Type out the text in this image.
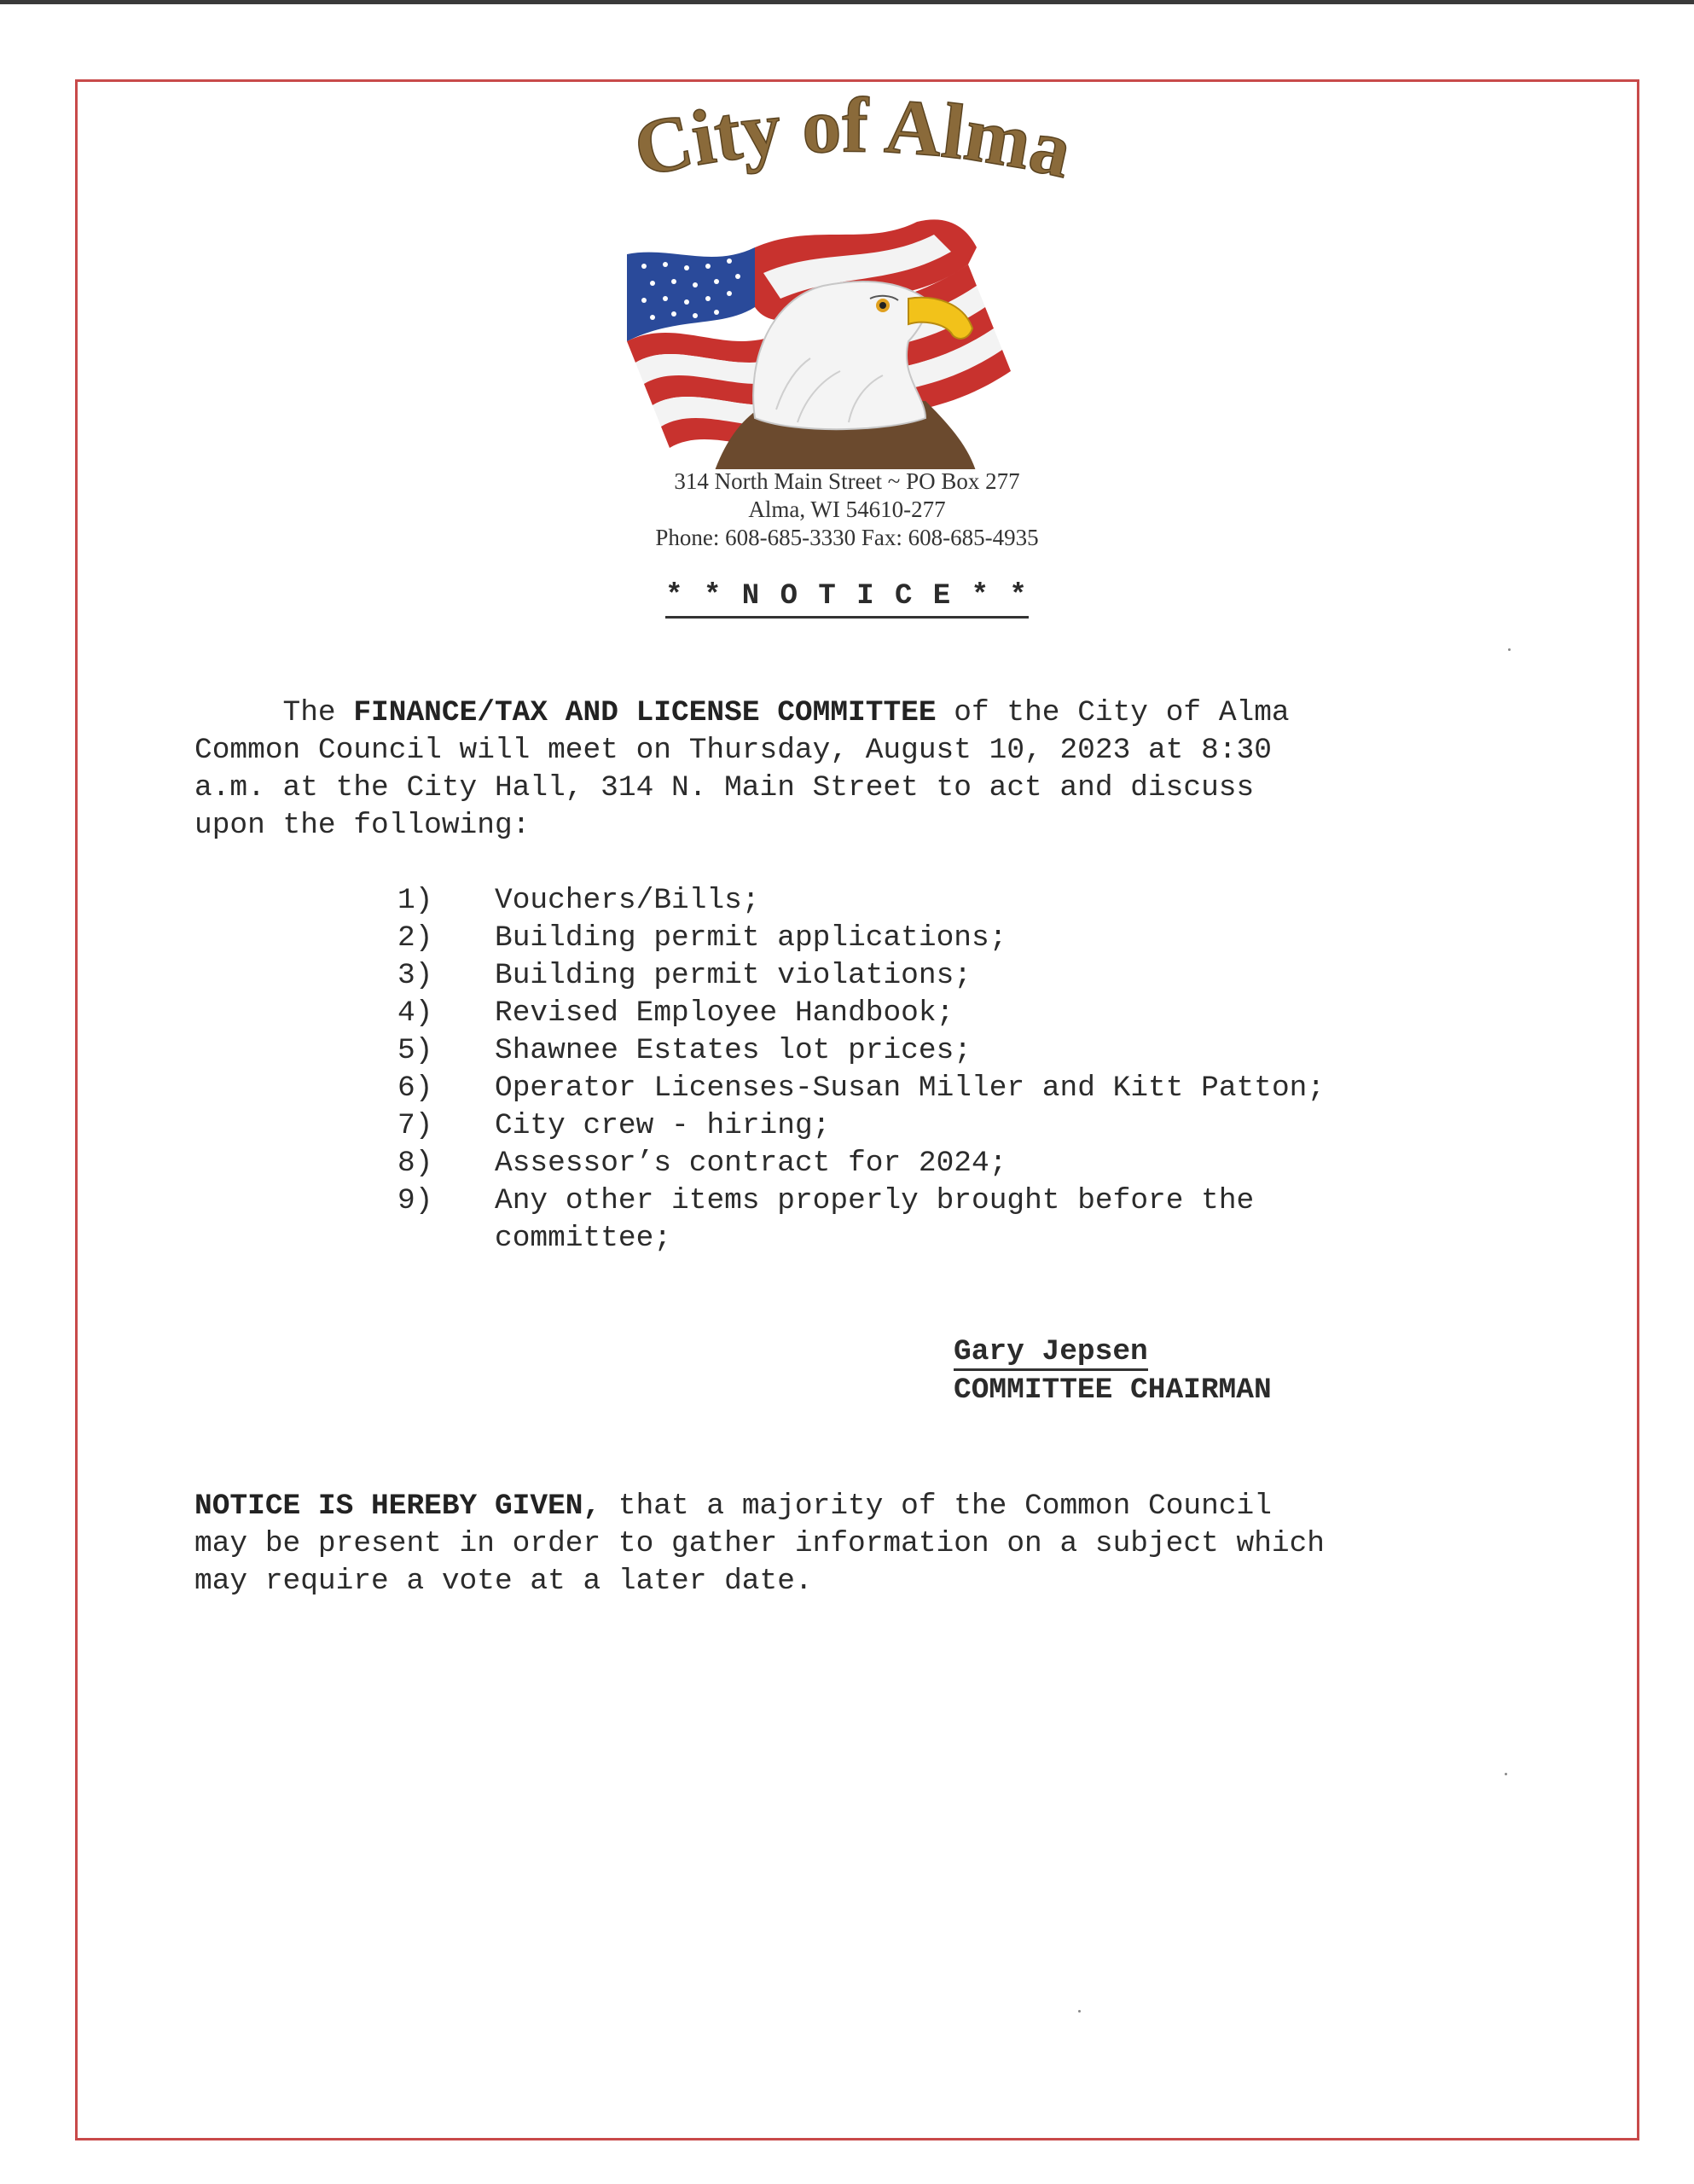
City of Alma
314 North Main Street ~ PO Box 277
Alma, WI 54610-277
Phone: 608-685-3330 Fax: 608-685-4935
* * N O T I C E * *
The FINANCE/TAX AND LICENSE COMMITTEE of the City of Alma
Common Council will meet on Thursday, August 10, 2023 at 8:30
a.m. at the City Hall, 314 N. Main Street to act and discuss
upon the following:
1) Vouchers/Bills;
2) Building permit applications;
3) Building permit violations;
4) Revised Employee Handbook;
5) Shawnee Estates lot prices;
6) Operator Licenses-Susan Miller and Kitt Patton;
7) City crew - hiring;
8) Assessor’s contract for 2024;
9) Any other items properly brought before the
committee;
Gary Jepsen
COMMITTEE CHAIRMAN
NOTICE IS HEREBY GIVEN, that a majority of the Common Council
may be present in order to gather information on a subject which
may require a vote at a later date.
